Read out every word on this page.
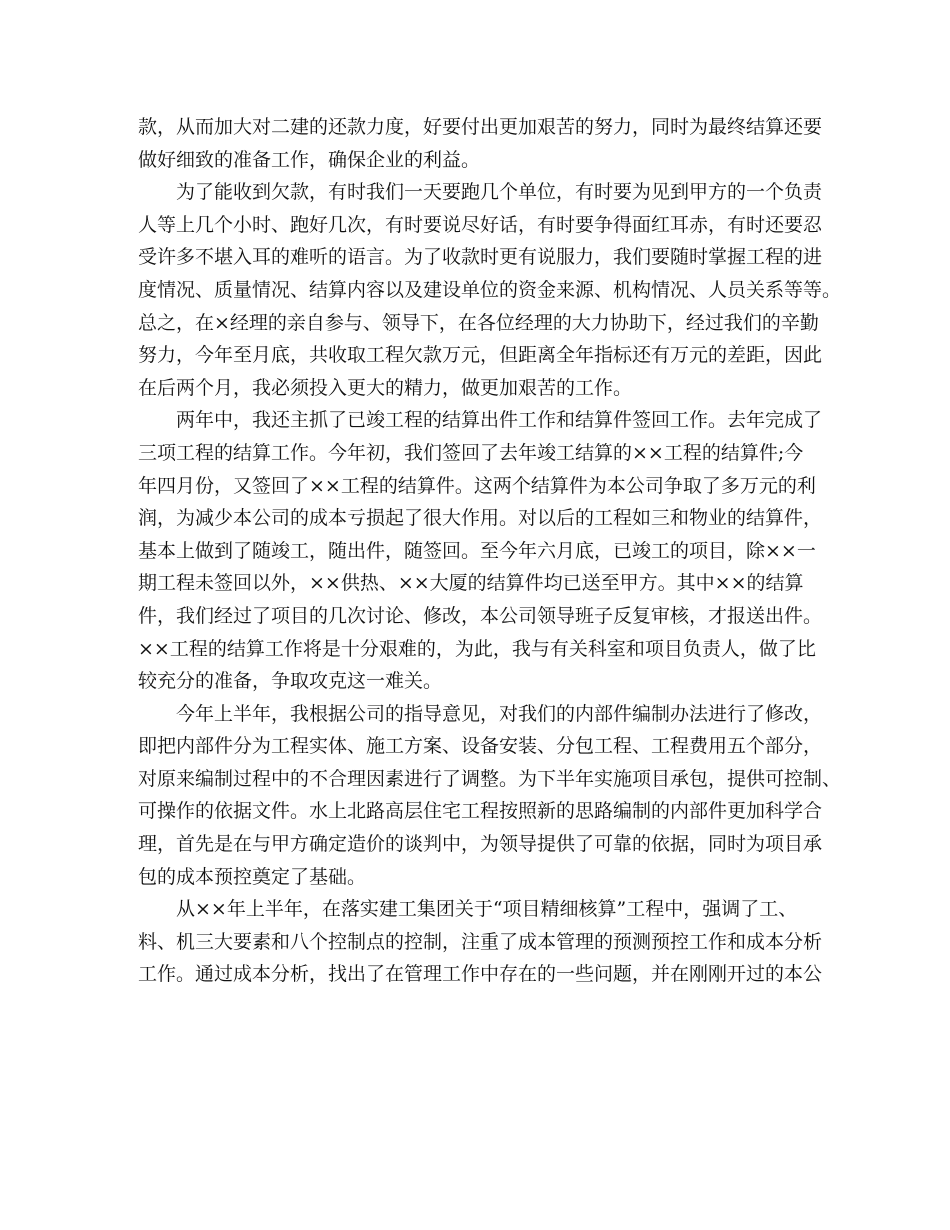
款，从而加大对二建的还款力度，好要付出更加艰苦的努力，同时为最终结算还要
做好细致的准备工作，确保企业的利益。
为了能收到欠款，有时我们一天要跑几个单位，有时要为见到甲方的一个负责
人等上几个小时、跑好几次，有时要说尽好话，有时要争得面红耳赤，有时还要忍
受许多不堪入耳的难听的语言。为了收款时更有说服力，我们要随时掌握工程的进
度情况、质量情况、结算内容以及建设单位的资金来源、机构情况、人员关系等等。
总之，在×经理的亲自参与、领导下，在各位经理的大力协助下，经过我们的辛勤
努力，今年至月底，共收取工程欠款万元，但距离全年指标还有万元的差距，因此
在后两个月，我必须投入更大的精力，做更加艰苦的工作。
两年中，我还主抓了已竣工程的结算出件工作和结算件签回工作。去年完成了
三项工程的结算工作。今年初，我们签回了去年竣工结算的××工程的结算件;今
年四月份，又签回了××工程的结算件。这两个结算件为本公司争取了多万元的利
润，为减少本公司的成本亏损起了很大作用。对以后的工程如三和物业的结算件，
基本上做到了随竣工，随出件，随签回。至今年六月底，已竣工的项目，除××一
期工程未签回以外，××供热、××大厦的结算件均已送至甲方。其中××的结算
件，我们经过了项目的几次讨论、修改，本公司领导班子反复审核，才报送出件。
××工程的结算工作将是十分艰难的，为此，我与有关科室和项目负责人，做了比
较充分的准备，争取攻克这一难关。
今年上半年，我根据公司的指导意见，对我们的内部件编制办法进行了修改，
即把内部件分为工程实体、施工方案、设备安装、分包工程、工程费用五个部分，
对原来编制过程中的不合理因素进行了调整。为下半年实施项目承包，提供可控制、
可操作的依据文件。水上北路高层住宅工程按照新的思路编制的内部件更加科学合
理，首先是在与甲方确定造价的谈判中，为领导提供了可靠的依据，同时为项目承
包的成本预控奠定了基础。
从××年上半年，在落实建工集团关于“项目精细核算”工程中，强调了工、
料、机三大要素和八个控制点的控制，注重了成本管理的预测预控工作和成本分析
工作。通过成本分析，找出了在管理工作中存在的一些问题，并在刚刚开过的本公
